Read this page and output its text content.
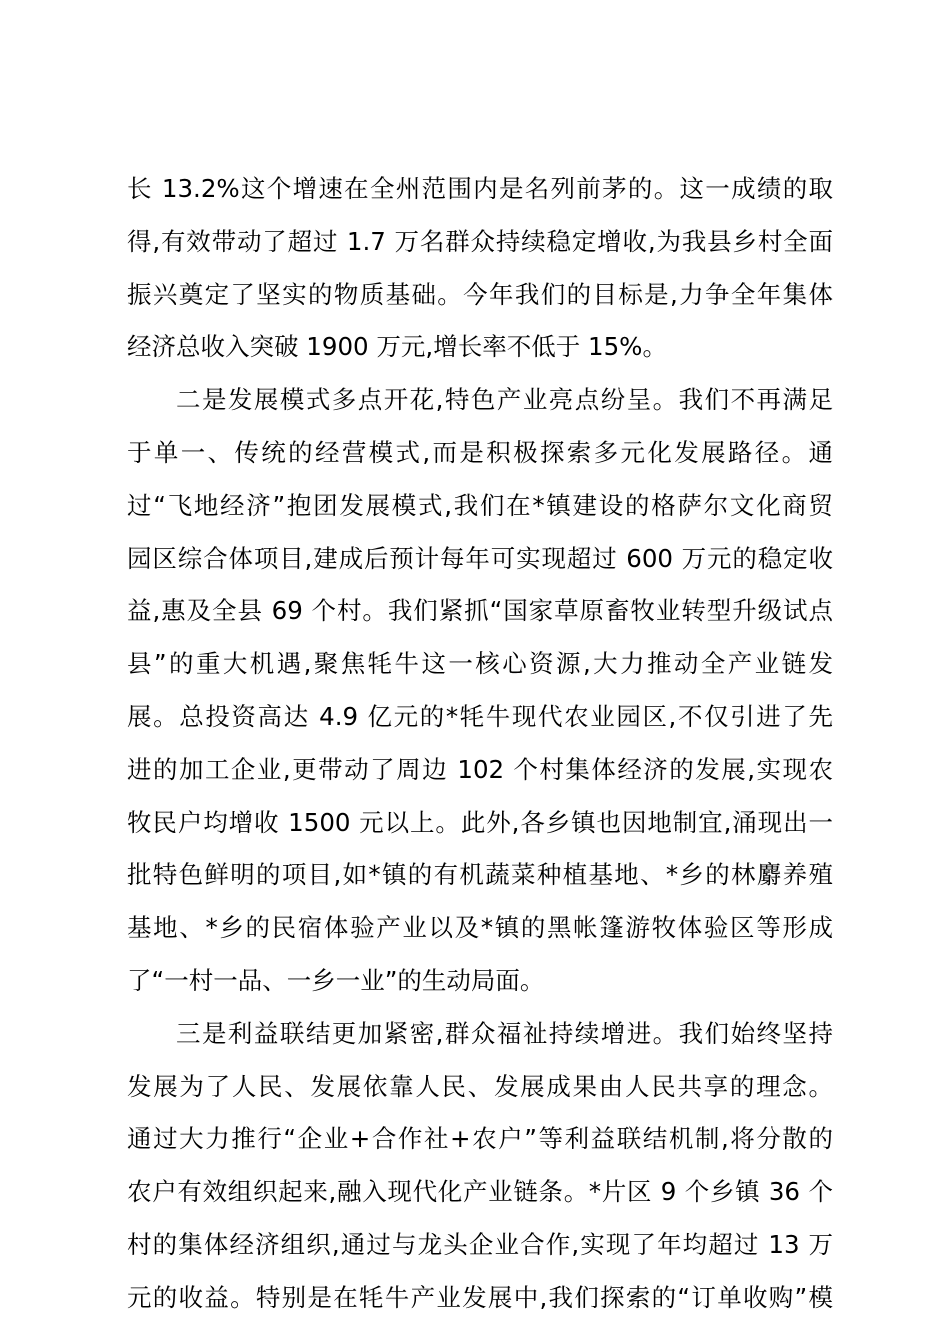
长 13.2%这个增速在全州范围内是名列前茅的。这一成绩的取
得,有效带动了超过 1.7 万名群众持续稳定增收,为我县乡村全面
振兴奠定了坚实的物质基础。今年我们的目标是,力争全年集体
经济总收入突破 1900 万元,增长率不低于 15%。
二是发展模式多点开花,特色产业亮点纷呈。我们不再满足
于单一、传统的经营模式,而是积极探索多元化发展路径。通
过“飞地经济”抱团发展模式,我们在*镇建设的格萨尔文化商贸
园区综合体项目,建成后预计每年可实现超过 600 万元的稳定收
益,惠及全县 69 个村。我们紧抓“国家草原畜牧业转型升级试点
县”的重大机遇,聚焦牦牛这一核心资源,大力推动全产业链发
展。总投资高达 4.9 亿元的*牦牛现代农业园区,不仅引进了先
进的加工企业,更带动了周边 102 个村集体经济的发展,实现农
牧民户均增收 1500 元以上。此外,各乡镇也因地制宜,涌现出一
批特色鲜明的项目,如*镇的有机蔬菜种植基地、*乡的林麝养殖
基地、*乡的民宿体验产业以及*镇的黑帐篷游牧体验区等形成
了“一村一品、一乡一业”的生动局面。
三是利益联结更加紧密,群众福祉持续增进。我们始终坚持
发展为了人民、发展依靠人民、发展成果由人民共享的理念。
通过大力推行“企业+合作社+农户”等利益联结机制,将分散的
农户有效组织起来,融入现代化产业链条。*片区 9 个乡镇 36 个
村的集体经济组织,通过与龙头企业合作,实现了年均超过 13 万
元的收益。特别是在牦牛产业发展中,我们探索的“订单收购”模
